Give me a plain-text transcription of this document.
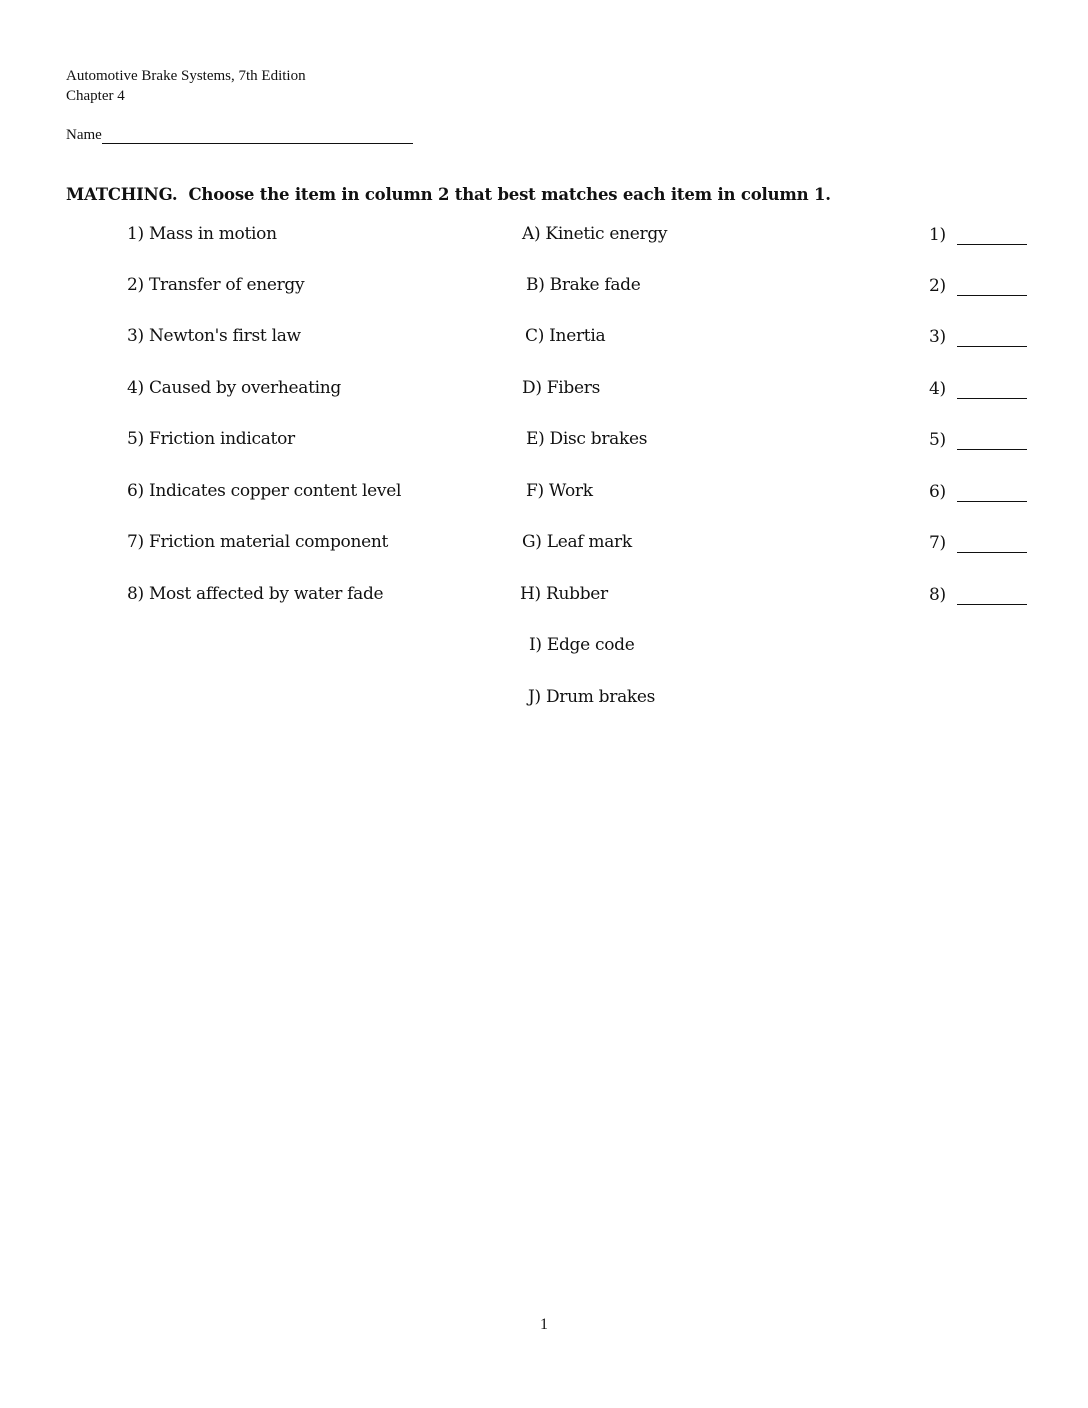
Automotive Brake Systems, 7th Edition
Chapter 4
Name
MATCHING.  Choose the item in column 2 that best matches each item in column 1.
1) Mass in motion
2) Transfer of energy
3) Newton's first law
4) Caused by overheating
5) Friction indicator
6) Indicates copper content level
7) Friction material component
8) Most affected by water fade
A) Kinetic energy
B) Brake fade
C) Inertia
D) Fibers
E) Disc brakes
F) Work
G) Leaf mark
H) Rubber
I) Edge code
J) Drum brakes
1)
2)
3)
4)
5)
6)
7)
8)
1
